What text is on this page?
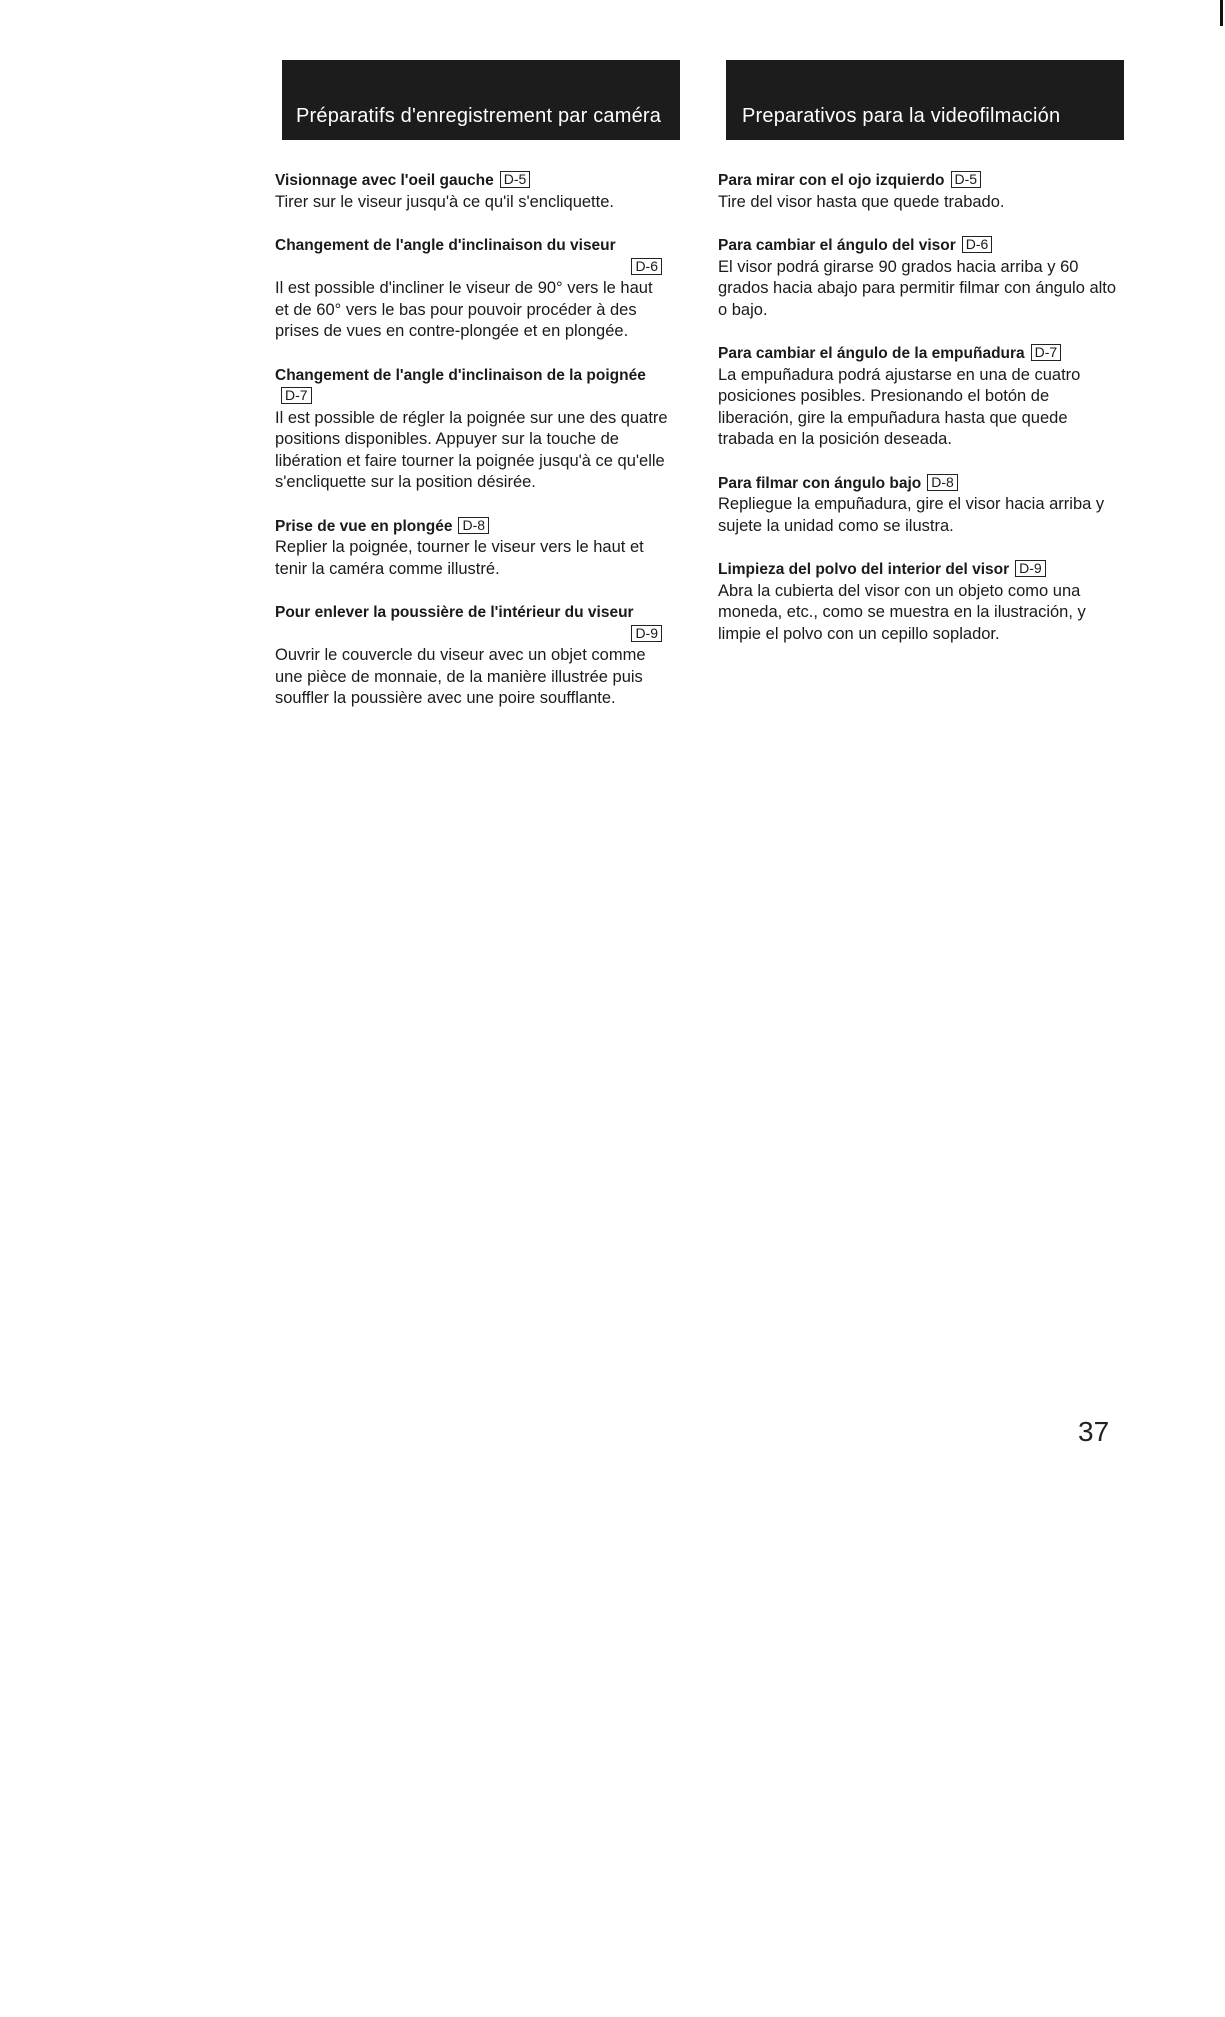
Préparatifs d'enregistrement par caméra	Preparativos para la videofilmación
Visionnage avec l'oeil gauche D-5
Tirer sur le viseur jusqu'à ce qu'il s'encliquette.
Changement de l'angle d'inclinaison du viseur
D-6
Il est possible d'incliner le viseur de 90° vers le haut et de 60° vers le bas pour pouvoir procéder à des prises de vues en contre-plongée et en plongée.
Changement de l'angle d'inclinaison de la poignéeD-7
Il est possible de régler la poignée sur une des quatre positions disponibles. Appuyer sur la touche de libération et faire tourner la poignée jusqu'à ce qu'elle s'encliquette sur la position désirée.
Prise de vue en plongée D-8
Replier la poignée, tourner le viseur vers le haut et tenir la caméra comme illustré.
Pour enlever la poussière de l'intérieur du viseur
D-9
Ouvrir le couvercle du viseur avec un objet comme une pièce de monnaie, de la manière illustrée puis souffler la poussière avec une poire soufflante.
Para mirar con el ojo izquierdo D-5
Tire del visor hasta que quede trabado.
Para cambiar el ángulo del visor D-6
El visor podrá girarse 90 grados hacia arriba y 60 grados hacia abajo para permitir filmar con ángulo alto o bajo.
Para cambiar el ángulo de la empuñadura D-7
La empuñadura podrá ajustarse en una de cuatro posiciones posibles. Presionando el botón de liberación, gire la empuñadura hasta que quede trabada en la posición deseada.
Para filmar con ángulo bajo D-8
Repliegue la empuñadura, gire el visor hacia arriba y sujete la unidad como se ilustra.
Limpieza del polvo del interior del visor D-9
Abra la cubierta del visor con un objeto como una moneda, etc., como se muestra en la ilustración, y limpie el polvo con un cepillo soplador.
37
